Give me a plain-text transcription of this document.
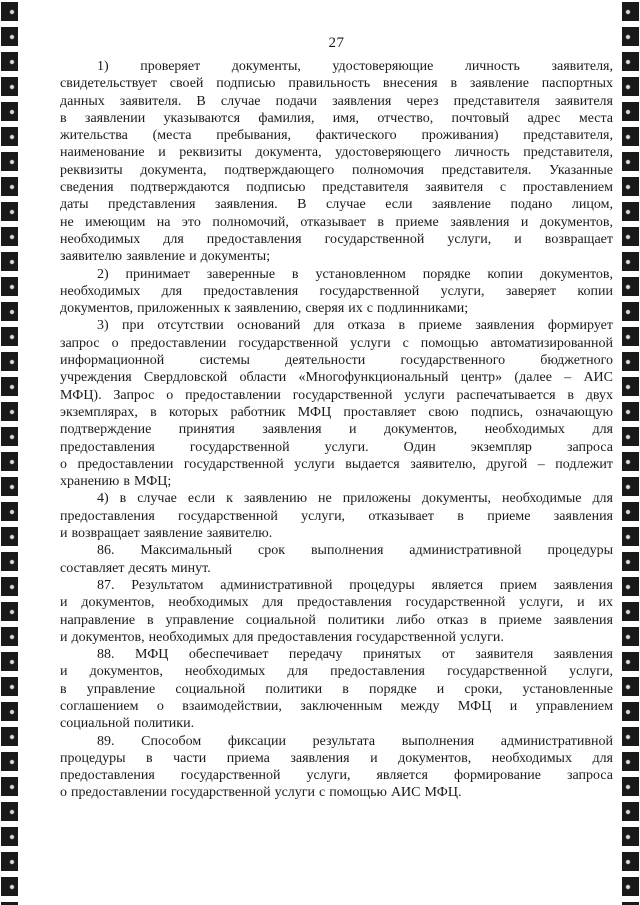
27
1) проверяет документы, удостоверяющие личность заявителя,
свидетельствует своей подписью правильность внесения в заявление паспортных
данных заявителя. В случае подачи заявления через представителя заявителя
в заявлении указываются фамилия, имя, отчество, почтовый адрес места
жительства (места пребывания, фактического проживания) представителя,
наименование и реквизиты документа, удостоверяющего личность представителя,
реквизиты документа, подтверждающего полномочия представителя. Указанные
сведения подтверждаются подписью представителя заявителя с проставлением
даты представления заявления. В случае если заявление подано лицом,
не имеющим на это полномочий, отказывает в приеме заявления и документов,
необходимых для предоставления государственной услуги, и возвращает
заявителю заявление и документы;
2) принимает заверенные в установленном порядке копии документов,
необходимых для предоставления государственной услуги, заверяет копии
документов, приложенных к заявлению, сверяя их с подлинниками;
3) при отсутствии оснований для отказа в приеме заявления формирует
запрос о предоставлении государственной услуги с помощью автоматизированной
информационной системы деятельности государственного бюджетного
учреждения Свердловской области «Многофункциональный центр» (далее – АИС
МФЦ). Запрос о предоставлении государственной услуги распечатывается в двух
экземплярах, в которых работник МФЦ проставляет свою подпись, означающую
подтверждение принятия заявления и документов, необходимых для
предоставления государственной услуги. Один экземпляр запроса
о предоставлении государственной услуги выдается заявителю, другой – подлежит
хранению в МФЦ;
4) в случае если к заявлению не приложены документы, необходимые для
предоставления государственной услуги, отказывает в приеме заявления
и возвращает заявление заявителю.
86. Максимальный срок выполнения административной процедуры
составляет десять минут.
87. Результатом административной процедуры является прием заявления
и документов, необходимых для предоставления государственной услуги, и их
направление в управление социальной политики либо отказ в приеме заявления
и документов, необходимых для предоставления государственной услуги.
88. МФЦ обеспечивает передачу принятых от заявителя заявления
и документов, необходимых для предоставления государственной услуги,
в управление социальной политики в порядке и сроки, установленные
соглашением о взаимодействии, заключенным между МФЦ и управлением
социальной политики.
89. Способом фиксации результата выполнения административной
процедуры в части приема заявления и документов, необходимых для
предоставления государственной услуги, является формирование запроса
о предоставлении государственной услуги с помощью АИС МФЦ.
